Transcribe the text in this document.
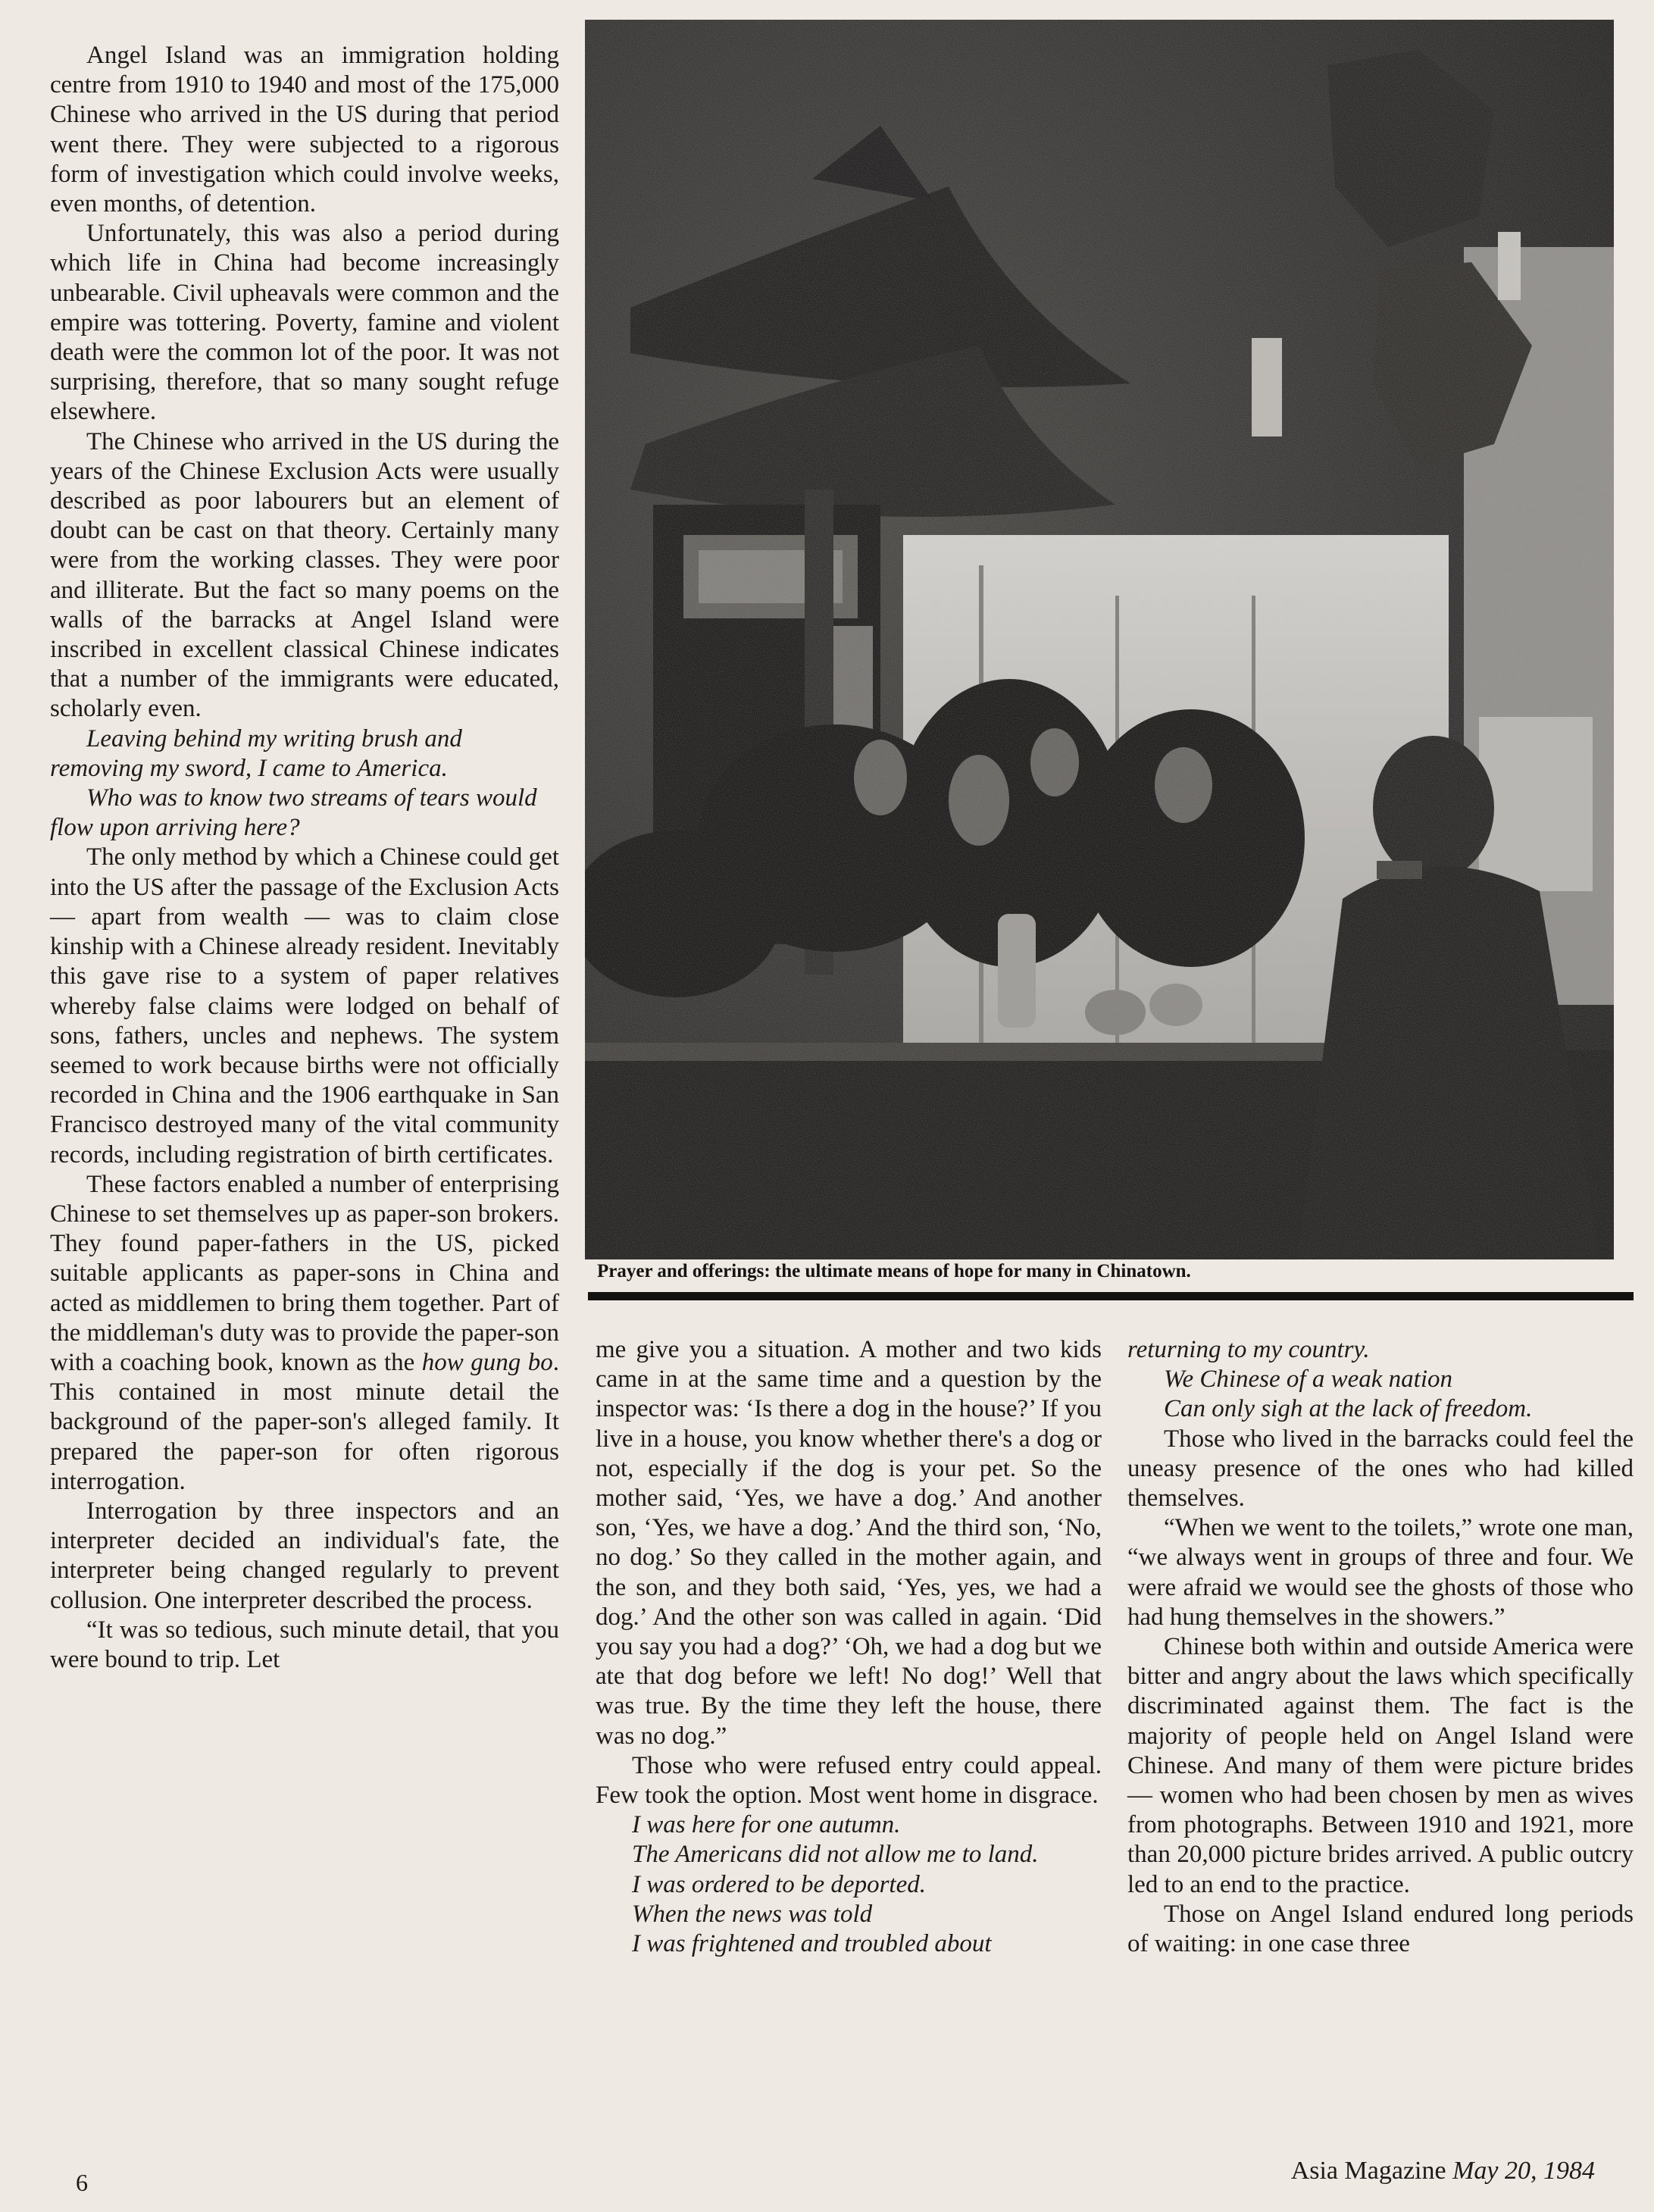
Angel Island was an immigration holding centre from 1910 to 1940 and most of the 175,000 Chinese who arrived in the US during that period went there. They were subjected to a rigorous form of investigation which could involve weeks, even months, of detention.

Unfortunately, this was also a period during which life in China had become increasingly unbearable. Civil upheavals were common and the empire was tottering. Poverty, famine and violent death were the common lot of the poor. It was not surprising, therefore, that so many sought refuge elsewhere.

The Chinese who arrived in the US during the years of the Chinese Exclusion Acts were usually described as poor labourers but an element of doubt can be cast on that theory. Certainly many were from the working classes. They were poor and illiterate. But the fact so many poems on the walls of the barracks at Angel Island were inscribed in excellent classical Chinese indicates that a number of the immigrants were educated, scholarly even.

Leaving behind my writing brush and removing my sword, I came to America.

Who was to know two streams of tears would flow upon arriving here?

The only method by which a Chinese could get into the US after the passage of the Exclusion Acts — apart from wealth — was to claim close kinship with a Chinese already resident. Inevitably this gave rise to a system of paper relatives whereby false claims were lodged on behalf of sons, fathers, uncles and nephews. The system seemed to work because births were not officially recorded in China and the 1906 earthquake in San Francisco destroyed many of the vital community records, including registration of birth certificates.

These factors enabled a number of enterprising Chinese to set themselves up as paper-son brokers. They found paper-fathers in the US, picked suitable applicants as paper-sons in China and acted as middlemen to bring them together. Part of the middleman's duty was to provide the paper-son with a coaching book, known as the how gung bo. This contained in most minute detail the background of the paper-son's alleged family. It prepared the paper-son for often rigorous interrogation.

Interrogation by three inspectors and an interpreter decided an individual's fate, the interpreter being changed regularly to prevent collusion. One interpreter described the process.

“It was so tedious, such minute detail, that you were bound to trip. Let

Prayer and offerings: the ultimate means of hope for many in Chinatown.

me give you a situation. A mother and two kids came in at the same time and a question by the inspector was: ‘Is there a dog in the house?’ If you live in a house, you know whether there's a dog or not, especially if the dog is your pet. So the mother said, ‘Yes, we have a dog.’ And another son, ‘Yes, we have a dog.’ And the third son, ‘No, no dog.’ So they called in the mother again, and the son, and they both said, ‘Yes, yes, we had a dog.’ And the other son was called in again. ‘Did you say you had a dog?’ ‘Oh, we had a dog but we ate that dog before we left! No dog!’ Well that was true. By the time they left the house, there was no dog.”

Those who were refused entry could appeal. Few took the option. Most went home in disgrace.

I was here for one autumn.

The Americans did not allow me to land.

I was ordered to be deported.

When the news was told

I was frightened and troubled about

returning to my country.

We Chinese of a weak nation

Can only sigh at the lack of freedom.

Those who lived in the barracks could feel the uneasy presence of the ones who had killed themselves.

“When we went to the toilets,” wrote one man, “we always went in groups of three and four. We were afraid we would see the ghosts of those who had hung themselves in the showers.”

Chinese both within and outside America were bitter and angry about the laws which specifically discriminated against them. The fact is the majority of people held on Angel Island were Chinese. And many of them were picture brides — women who had been chosen by men as wives from photographs. Between 1910 and 1921, more than 20,000 picture brides arrived. A public outcry led to an end to the practice.

Those on Angel Island endured long periods of waiting: in one case three

6	Asia Magazine May 20, 1984
